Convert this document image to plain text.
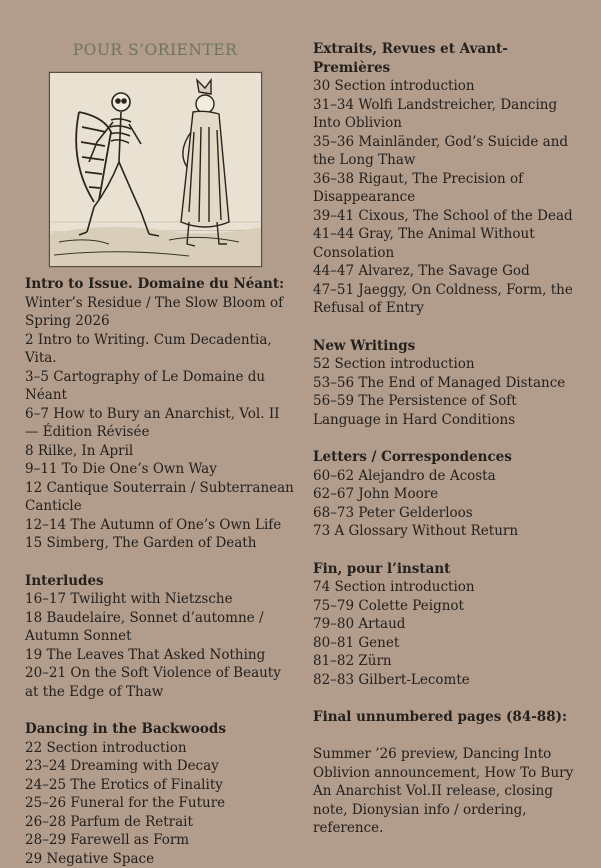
POUR S’ORIENTER
Intro to Issue. Domaine du Néant:
Winter’s Residue / The Slow Bloom of Spring 2026
2 Intro to Writing. Cum Decadentia, Vita.
3–5 Cartography of Le Domaine du Néant
6–7 How to Bury an Anarchist, Vol. II — Édition Révisée
8 Rilke, In April
9–11 To Die One’s Own Way
12 Cantique Souterrain / Subterranean Canticle
12–14 The Autumn of One’s Own Life
15 Simberg, The Garden of Death
Interludes
16–17 Twilight with Nietzsche
18 Baudelaire, Sonnet d’automne / Autumn Sonnet
19 The Leaves That Asked Nothing
20–21 On the Soft Violence of Beauty at the Edge of Thaw
Dancing in the Backwoods
22 Section introduction
23–24 Dreaming with Decay
24–25 The Erotics of Finality
25–26 Funeral for the Future
26–28 Parfum de Retrait
28–29 Farewell as Form
29 Negative Space
Extraits, Revues et Avant-Premières
30 Section introduction
31–34 Wolfi Landstreicher, Dancing Into Oblivion
35–36 Mainländer, God’s Suicide and the Long Thaw
36–38 Rigaut, The Precision of Disappearance
39–41 Cixous, The School of the Dead
41–44 Gray, The Animal Without Consolation
44–47 Alvarez, The Savage God
47–51 Jaeggy, On Coldness, Form, the Refusal of Entry
New Writings
52 Section introduction
53–56 The End of Managed Distance
56–59 The Persistence of Soft Language in Hard Conditions
Letters / Correspondences
60–62 Alejandro de Acosta
62–67 John Moore
68–73 Peter Gelderloos
73 A Glossary Without Return
Fin, pour l’instant
74 Section introduction
75–79 Colette Peignot
79–80 Artaud
80–81 Genet
81–82 Zürn
82–83 Gilbert-Lecomte
Final unnumbered pages (84-88):

Summer ’26 preview, Dancing Into Oblivion announcement, How To Bury An Anarchist Vol.II release, closing note, Dionysian info / ordering, reference.
